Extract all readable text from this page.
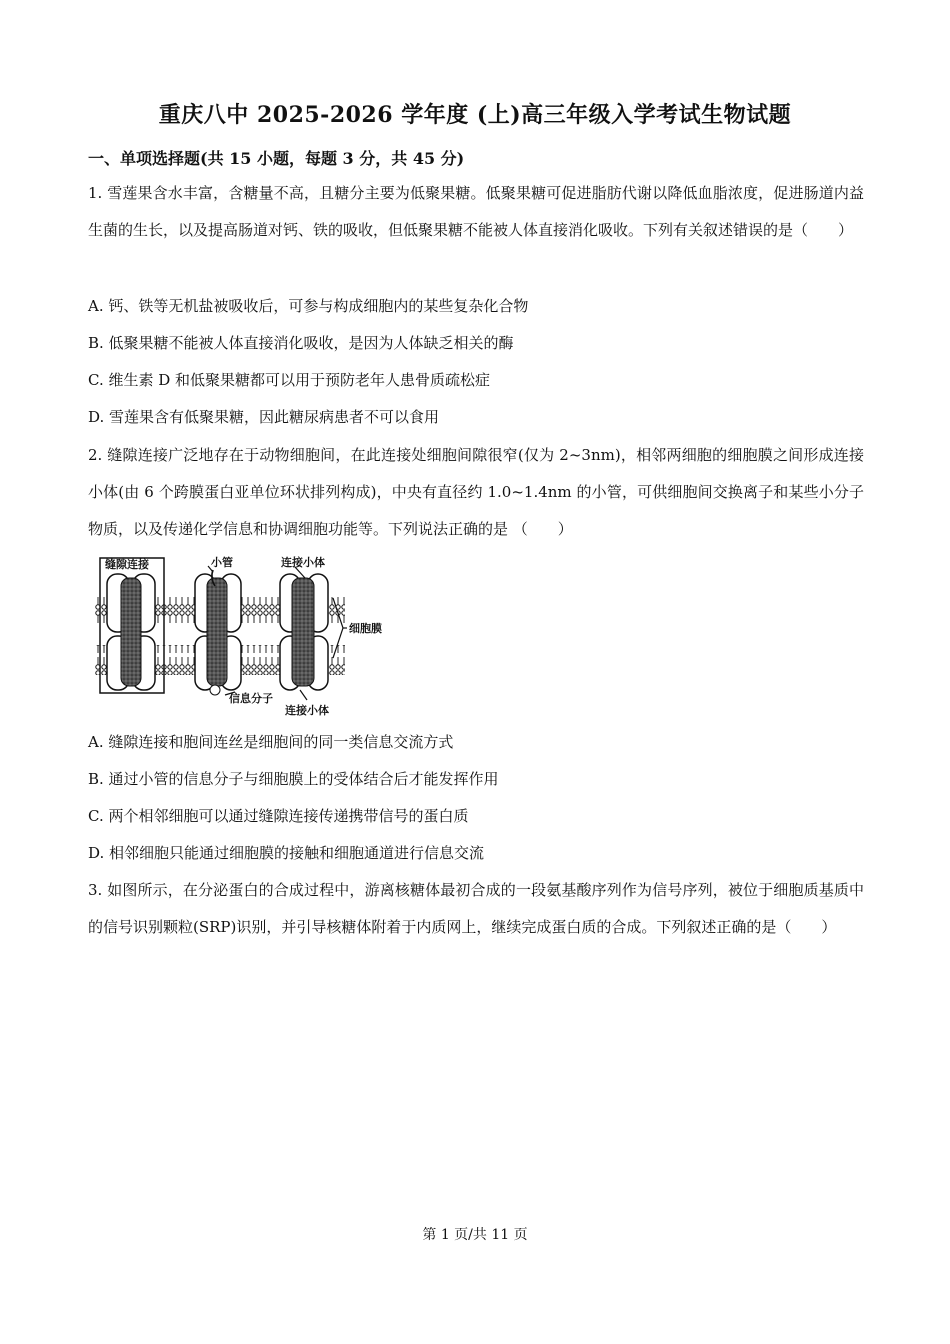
重庆八中 2025-2026 学年度 (上)高三年级入学考试生物试题
一、单项选择题(共 15 小题，每题 3 分，共 45 分)
1. 雪莲果含水丰富，含糖量不高，且糖分主要为低聚果糖。低聚果糖可促进脂肪代谢以降低血脂浓度，促进肠道内益生菌的生长，以及提高肠道对钙、铁的吸收，但低聚果糖不能被人体直接消化吸收。下列有关叙述错误的是（　　）
A. 钙、铁等无机盐被吸收后，可参与构成细胞内的某些复杂化合物
B. 低聚果糖不能被人体直接消化吸收，是因为人体缺乏相关的酶
C. 维生素 D 和低聚果糖都可以用于预防老年人患骨质疏松症
D. 雪莲果含有低聚果糖，因此糖尿病患者不可以食用
2. 缝隙连接广泛地存在于动物细胞间，在此连接处细胞间隙很窄(仅为 2~3nm)，相邻两细胞的细胞膜之间形成连接小体(由 6 个跨膜蛋白亚单位环状排列构成)，中央有直径约 1.0~1.4nm 的小管，可供细胞间交换离子和某些小分子物质，以及传递化学信息和协调细胞功能等。下列说法正确的是 （　　）
缝隙连接	小管	连接小体
细胞膜
信息分子
连接小体
A. 缝隙连接和胞间连丝是细胞间的同一类信息交流方式
B. 通过小管的信息分子与细胞膜上的受体结合后才能发挥作用
C. 两个相邻细胞可以通过缝隙连接传递携带信号的蛋白质
D. 相邻细胞只能通过细胞膜的接触和细胞通道进行信息交流
3. 如图所示，在分泌蛋白的合成过程中，游离核糖体最初合成的一段氨基酸序列作为信号序列，被位于细胞质基质中的信号识别颗粒(SRP)识别，并引导核糖体附着于内质网上，继续完成蛋白质的合成。下列叙述正确的是（　　）
第 1 页/共 11 页
